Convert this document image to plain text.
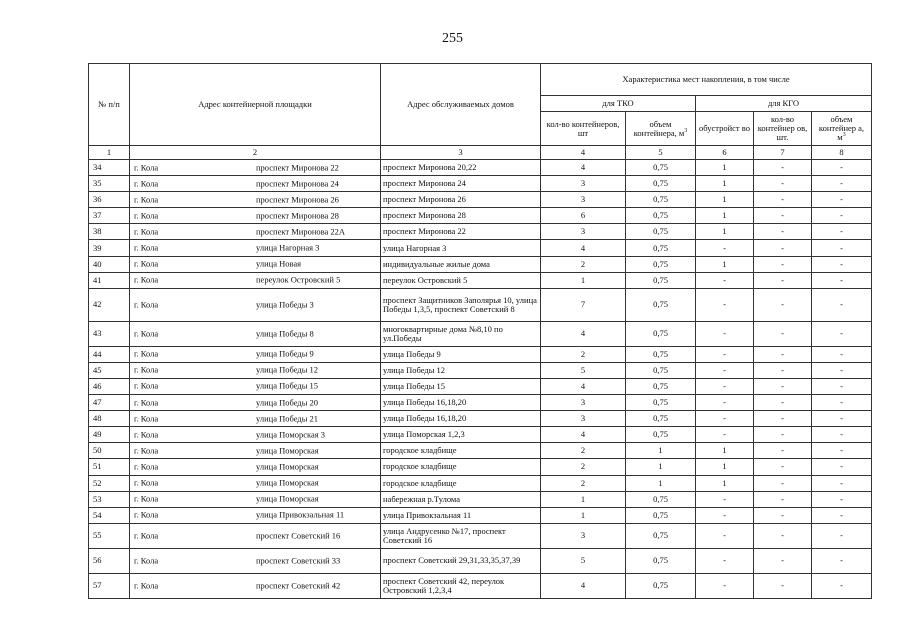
255
№ п/п	Адрес контейнерной площадки	Адрес обслуживаемых домов	Характеристика мест накопления, в том числе				
			для ТКО		для КГО		
			кол-во контейнеров, шт	объем контейнера, $м^3$	обустройст во	кол-во контейнер ов, шт.	объем контейнер а, $м^3$
1	2	3	4	5	6	7	8
34	г. Кола проспект Миронова 22	проспект Миронова 20,22	4	0,75	1	-	-
35	г. Кола проспект Миронова 24	проспект Миронова 24	3	0,75	1	-	-
36	г. Кола проспект Миронова 26	проспект Миронова 26	3	0,75	1	-	-
37	г. Кола проспект Миронова 28	проспект Миронова 28	6	0,75	1	-	-
38	г. Кола проспект Миронова 22А	проспект Миронова 22	3	0,75	1	-	-
39	г. Кола улица Нагорная 3	улица Нагорная 3	4	0,75	-	-	-
40	г. Кола улица Новая	индивидуальные жилые дома	2	0,75	1	-	-
41	г. Кола переулок Островский 5	переулок Островский 5	1	0,75	-	-	-
42	г. Кола улица Победы 3	проспект Защитников Заполярья 10, улица Победы 1,3,5, проспект Советский 8	7	0,75	-	-	-
43	г. Кола улица Победы 8	многоквартирные дома №8,10 по ул.Победы	4	0,75	-	-	-
44	г. Кола улица Победы 9	улица Победы 9	2	0,75	-	-	-
45	г. Кола улица Победы 12	улица Победы 12	5	0,75	-	-	-
46	г. Кола улица Победы 15	улица Победы 15	4	0,75	-	-	-
47	г. Кола улица Победы 20	улица Победы 16,18,20	3	0,75	-	-	-
48	г. Кола улица Победы 21	улица Победы 16,18,20	3	0,75	-	-	-
49	г. Кола улица Поморская 3	улица Поморская 1,2,3	4	0,75	-	-	-
50	г. Кола улица Поморская	городское кладбище	2	1	1	-	-
51	г. Кола улица Поморская	городское кладбище	2	1	1	-	-
52	г. Кола улица Поморская	городское кладбище	2	1	1	-	-
53	г. Кола улица Поморская	набережная р.Тулома	1	0,75	-	-	-
54	г. Кола улица Привокзальная 11	улица Привокзальная 11	1	0,75	-	-	-
55	г. Кола проспект Советский 16	улица Андрусенко №17, проспект Советский 16	3	0,75	-	-	-
56	г. Кола проспект Советский 33	проспект Советский 29,31,33,35,37,39	5	0,75	-	-	-
57	г. Кола проспект Советский 42	проспект Советский 42, переулок Островский 1,2,3,4	4	0,75	-	-	-
